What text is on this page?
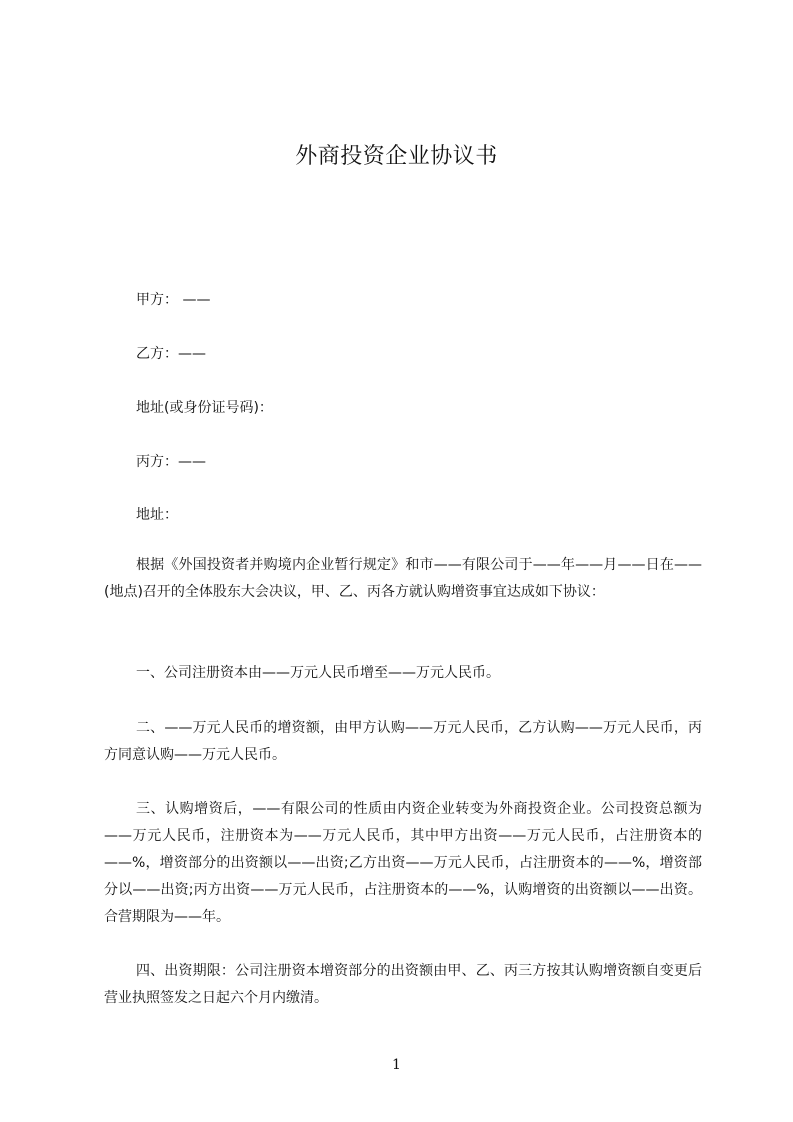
外商投资企业协议书
甲方： ——
乙方：——
地址(或身份证号码)：
丙方：——
地址：
根据《外国投资者并购境内企业暂行规定》和市——有限公司于——年——月——日在——(地点)召开的全体股东大会决议，甲、乙、丙各方就认购增资事宜达成如下协议：
一、公司注册资本由——万元人民币增至——万元人民币。
二、——万元人民币的增资额，由甲方认购——万元人民币，乙方认购——万元人民币，丙方同意认购——万元人民币。
三、认购增资后，——有限公司的性质由内资企业转变为外商投资企业。公司投资总额为——万元人民币，注册资本为——万元人民币，其中甲方出资——万元人民币，占注册资本的——%，增资部分的出资额以——出资;乙方出资——万元人民币，占注册资本的——%，增资部分以——出资;丙方出资——万元人民币，占注册资本的——%，认购增资的出资额以——出资。合营期限为——年。
四、出资期限：公司注册资本增资部分的出资额由甲、乙、丙三方按其认购增资额自变更后营业执照签发之日起六个月内缴清。
1
